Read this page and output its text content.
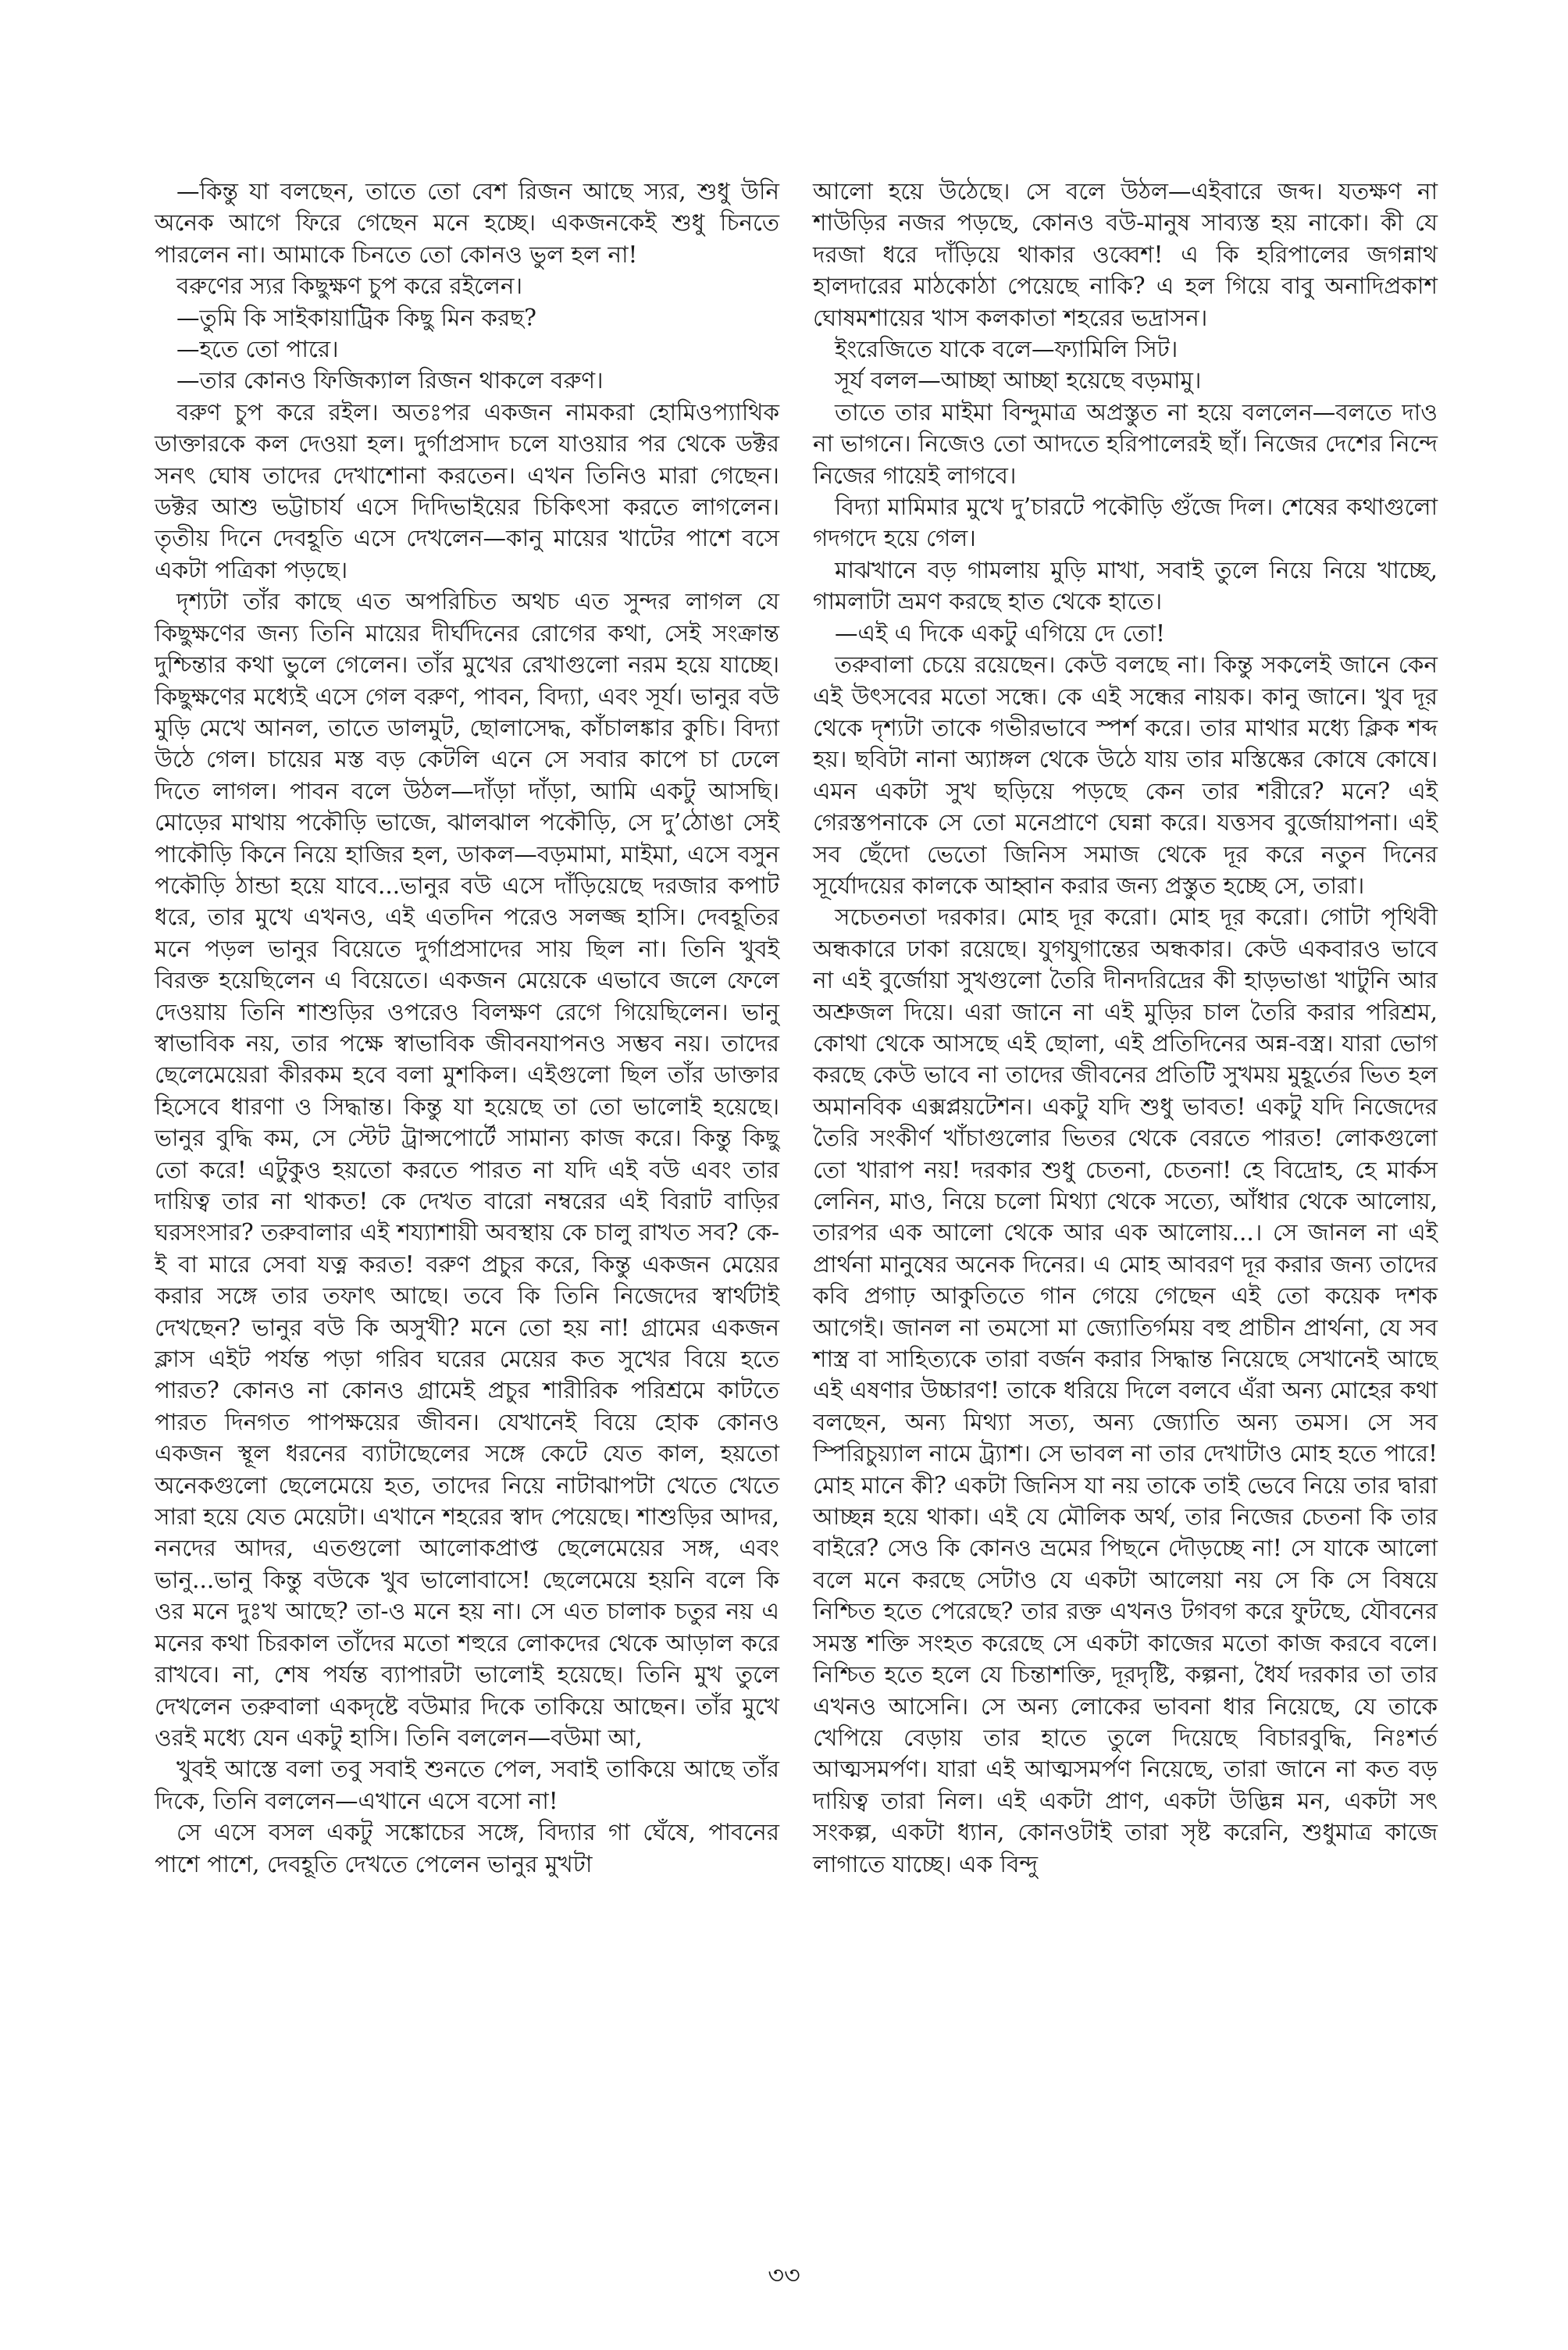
—কিন্তু যা বলছেন, তাতে তো বেশ রিজন আছে স্যর, শুধু উনি অনেক আগে ফিরে গেছেন মনে হচ্ছে। একজনকেই শুধু চিনতে পারলেন না। আমাকে চিনতে তো কোনও ভুল হল না!

বরুণের স্যর কিছুক্ষণ চুপ করে রইলেন।

—তুমি কি সাইকায়াট্রিক কিছু মিন করছ?

—হতে তো পারে।

—তার কোনও ফিজিক্যাল রিজন থাকলে বরুণ।

বরুণ চুপ করে রইল। অতঃপর একজন নামকরা হোমিওপ্যাথিক ডাক্তারকে কল দেওয়া হল। দুর্গাপ্রসাদ চলে যাওয়ার পর থেকে ডক্টর সনৎ ঘোষ তাদের দেখাশোনা করতেন। এখন তিনিও মারা গেছেন। ডক্টর আশু ভট্টাচার্য এসে দিদিভাইয়ের চিকিৎসা করতে লাগলেন। তৃতীয় দিনে দেবহূতি এসে দেখলেন—কানু মায়ের খাটের পাশে বসে একটা পত্রিকা পড়ছে।

দৃশ্যটা তাঁর কাছে এত অপরিচিত অথচ এত সুন্দর লাগল যে কিছুক্ষণের জন্য তিনি মায়ের দীর্ঘদিনের রোগের কথা, সেই সংক্রান্ত দুশ্চিন্তার কথা ভুলে গেলেন। তাঁর মুখের রেখাগুলো নরম হয়ে যাচ্ছে। কিছুক্ষণের মধ্যেই এসে গেল বরুণ, পাবন, বিদ্যা, এবং সূর্য। ভানুর বউ মুড়ি মেখে আনল, তাতে ডালমুট, ছোলাসেদ্ধ, কাঁচালঙ্কার কুচি। বিদ্যা উঠে গেল। চায়ের মস্ত বড় কেটলি এনে সে সবার কাপে চা ঢেলে দিতে লাগল। পাবন বলে উঠল—দাঁড়া দাঁড়া, আমি একটু আসছি। মোড়ের মাথায় পকৌড়ি ভাজে, ঝালঝাল পকৌড়ি, সে দু’ঠোঙা সেই পাকৌড়ি কিনে নিয়ে হাজির হল, ডাকল—বড়মামা, মাইমা, এসে বসুন পকৌড়ি ঠান্ডা হয়ে যাবে...ভানুর বউ এসে দাঁড়িয়েছে দরজার কপাট ধরে, তার মুখে এখনও, এই এতদিন পরেও সলজ্জ হাসি। দেবহূতির মনে পড়ল ভানুর বিয়েতে দুর্গাপ্রসাদের সায় ছিল না। তিনি খুবই বিরক্ত হয়েছিলেন এ বিয়েতে। একজন মেয়েকে এভাবে জলে ফেলে দেওয়ায় তিনি শাশুড়ির ওপরেও বিলক্ষণ রেগে গিয়েছিলেন। ভানু স্বাভাবিক নয়, তার পক্ষে স্বাভাবিক জীবনযাপনও সম্ভব নয়। তাদের ছেলেমেয়েরা কীরকম হবে বলা মুশকিল। এইগুলো ছিল তাঁর ডাক্তার হিসেবে ধারণা ও সিদ্ধান্ত। কিন্তু যা হয়েছে তা তো ভালোই হয়েছে। ভানুর বুদ্ধি কম, সে স্টেট ট্রান্সপোর্টে সামান্য কাজ করে। কিন্তু কিছু তো করে! এটুকুও হয়তো করতে পারত না যদি এই বউ এবং তার দায়িত্ব তার না থাকত! কে দেখত বারো নম্বরের এই বিরাট বাড়ির ঘরসংসার? তরুবালার এই শয্যাশায়ী অবস্থায় কে চালু রাখত সব? কে-ই বা মারে সেবা যত্ন করত! বরুণ প্রচুর করে, কিন্তু একজন মেয়ের করার সঙ্গে তার তফাৎ আছে। তবে কি তিনি নিজেদের স্বার্থটাই দেখছেন? ভানুর বউ কি অসুখী? মনে তো হয় না! গ্রামের একজন ক্লাস এইট পর্যন্ত পড়া গরিব ঘরের মেয়ের কত সুখের বিয়ে হতে পারত? কোনও না কোনও গ্রামেই প্রচুর শারীরিক পরিশ্রমে কাটতে পারত দিনগত পাপক্ষয়ের জীবন। যেখানেই বিয়ে হোক কোনও একজন স্থূল ধরনের ব্যাটাছেলের সঙ্গে কেটে যেত কাল, হয়তো অনেকগুলো ছেলেমেয়ে হত, তাদের নিয়ে নাটাঝাপটা খেতে খেতে সারা হয়ে যেত মেয়েটা। এখানে শহরের স্বাদ পেয়েছে। শাশুড়ির আদর, ননদের আদর, এতগুলো আলোকপ্রাপ্ত ছেলেমেয়ের সঙ্গ, এবং ভানু...ভানু কিন্তু বউকে খুব ভালোবাসে! ছেলেমেয়ে হয়নি বলে কি ওর মনে দুঃখ আছে? তা-ও মনে হয় না। সে এত চালাক চতুর নয় এ মনের কথা চিরকাল তাঁদের মতো শহুরে লোকদের থেকে আড়াল করে রাখবে। না, শেষ পর্যন্ত ব্যাপারটা ভালোই হয়েছে। তিনি মুখ তুলে দেখলেন তরুবালা একদৃষ্টে বউমার দিকে তাকিয়ে আছেন। তাঁর মুখে ওরই মধ্যে যেন একটু হাসি। তিনি বললেন—বউমা আ,

খুবই আস্তে বলা তবু সবাই শুনতে পেল, সবাই তাকিয়ে আছে তাঁর দিকে, তিনি বললেন—এখানে এসে বসো না!

সে এসে বসল একটু সঙ্কোচের সঙ্গে, বিদ্যার গা ঘেঁষে, পাবনের পাশে পাশে, দেবহূতি দেখতে পেলেন ভানুর মুখটা

আলো হয়ে উঠেছে। সে বলে উঠল—এইবারে জব্দ। যতক্ষণ না শাউড়ির নজর পড়ছে, কোনও বউ-মানুষ সাব্যস্ত হয় নাকো। কী যে দরজা ধরে দাঁড়িয়ে থাকার ওব্বেশ! এ কি হরিপালের জগন্নাথ হালদারের মাঠকোঠা পেয়েছে নাকি? এ হল গিয়ে বাবু অনাদিপ্রকাশ ঘোষমশায়ের খাস কলকাতা শহরের ভদ্রাসন।

ইংরেজিতে যাকে বলে—ফ্যামিলি সিট।

সূর্য বলল—আচ্ছা আচ্ছা হয়েছে বড়মামু।

তাতে তার মাইমা বিন্দুমাত্র অপ্রস্তুত না হয়ে বললেন—বলতে দাও না ভাগনে। নিজেও তো আদতে হরিপালেরই ছাঁ। নিজের দেশের নিন্দে নিজের গায়েই লাগবে।

বিদ্যা মামিমার মুখে দু’চারটে পকৌড়ি গুঁজে দিল। শেষের কথাগুলো গদগদে হয়ে গেল।

মাঝখানে বড় গামলায় মুড়ি মাখা, সবাই তুলে নিয়ে নিয়ে খাচ্ছে, গামলাটা ভ্রমণ করছে হাত থেকে হাতে।

—এই এ দিকে একটু এগিয়ে দে তো!

তরুবালা চেয়ে রয়েছেন। কেউ বলছে না। কিন্তু সকলেই জানে কেন এই উৎসবের মতো সন্ধে। কে এই সন্ধের নায়ক। কানু জানে। খুব দূর থেকে দৃশ্যটা তাকে গভীরভাবে স্পর্শ করে। তার মাথার মধ্যে ক্লিক শব্দ হয়। ছবিটা নানা অ্যাঙ্গল থেকে উঠে যায় তার মস্তিষ্কের কোষে কোষে। এমন একটা সুখ ছড়িয়ে পড়ছে কেন তার শরীরে? মনে? এই গেরস্তপনাকে সে তো মনেপ্রাণে ঘেন্না করে। যত্তসব বুর্জোয়াপনা। এই সব ছেঁদো ভেতো জিনিস সমাজ থেকে দূর করে নতুন দিনের সূর্যোদয়ের কালকে আহ্বান করার জন্য প্রস্তুত হচ্ছে সে, তারা।

সচেতনতা দরকার। মোহ দূর করো। মোহ দূর করো। গোটা পৃথিবী অন্ধকারে ঢাকা রয়েছে। যুগযুগান্তের অন্ধকার। কেউ একবারও ভাবে না এই বুর্জোয়া সুখগুলো তৈরি দীনদরিদ্রের কী হাড়ভাঙা খাটুনি আর অশ্রুজল দিয়ে। এরা জানে না এই মুড়ির চাল তৈরি করার পরিশ্রম, কোথা থেকে আসছে এই ছোলা, এই প্রতিদিনের অন্ন-বস্ত্র। যারা ভোগ করছে কেউ ভাবে না তাদের জীবনের প্রতিটি সুখময় মুহূর্তের ভিত হল অমানবিক এক্সপ্লয়টেশন। একটু যদি শুধু ভাবত! একটু যদি নিজেদের তৈরি সংকীর্ণ খাঁচাগুলোর ভিতর থেকে বেরতে পারত! লোকগুলো তো খারাপ নয়! দরকার শুধু চেতনা, চেতনা! হে বিদ্রোহ, হে মার্কস লেনিন, মাও, নিয়ে চলো মিথ্যা থেকে সত্যে, আঁধার থেকে আলোয়, তারপর এক আলো থেকে আর এক আলোয়...। সে জানল না এই প্রার্থনা মানুষের অনেক দিনের। এ মোহ আবরণ দূর করার জন্য তাদের কবি প্রগাঢ় আকুতিতে গান গেয়ে গেছেন এই তো কয়েক দশক আগেই। জানল না তমসো মা জ্যোতির্গময় বহু প্রাচীন প্রার্থনা, যে সব শাস্ত্র বা সাহিত্যকে তারা বর্জন করার সিদ্ধান্ত নিয়েছে সেখানেই আছে এই এষণার উচ্চারণ! তাকে ধরিয়ে দিলে বলবে এঁরা অন্য মোহের কথা বলছেন, অন্য মিথ্যা সত্য, অন্য জ্যোতি অন্য তমস। সে সব স্পিরিচুয়্যাল নামে ট্র্যাশ। সে ভাবল না তার দেখাটাও মোহ হতে পারে! মোহ মানে কী? একটা জিনিস যা নয় তাকে তাই ভেবে নিয়ে তার দ্বারা আচ্ছন্ন হয়ে থাকা। এই যে মৌলিক অর্থ, তার নিজের চেতনা কি তার বাইরে? সেও কি কোনও ভ্রমের পিছনে দৌড়চ্ছে না! সে যাকে আলো বলে মনে করছে সেটাও যে একটা আলেয়া নয় সে কি সে বিষয়ে নিশ্চিত হতে পেরেছে? তার রক্ত এখনও টগবগ করে ফুটছে, যৌবনের সমস্ত শক্তি সংহত করেছে সে একটা কাজের মতো কাজ করবে বলে। নিশ্চিত হতে হলে যে চিন্তাশক্তি, দূরদৃষ্টি, কল্পনা, ধৈর্য দরকার তা তার এখনও আসেনি। সে অন্য লোকের ভাবনা ধার নিয়েছে, যে তাকে খেপিয়ে বেড়ায় তার হাতে তুলে দিয়েছে বিচারবুদ্ধি, নিঃশর্ত আত্মসমর্পণ। যারা এই আত্মসমর্পণ নিয়েছে, তারা জানে না কত বড় দায়িত্ব তারা নিল। এই একটা প্রাণ, একটা উদ্ভিন্ন মন, একটা সৎ সংকল্প, একটা ধ্যান, কোনওটাই তারা সৃষ্ট করেনি, শুধুমাত্র কাজে লাগাতে যাচ্ছে। এক বিন্দু

৩৩
